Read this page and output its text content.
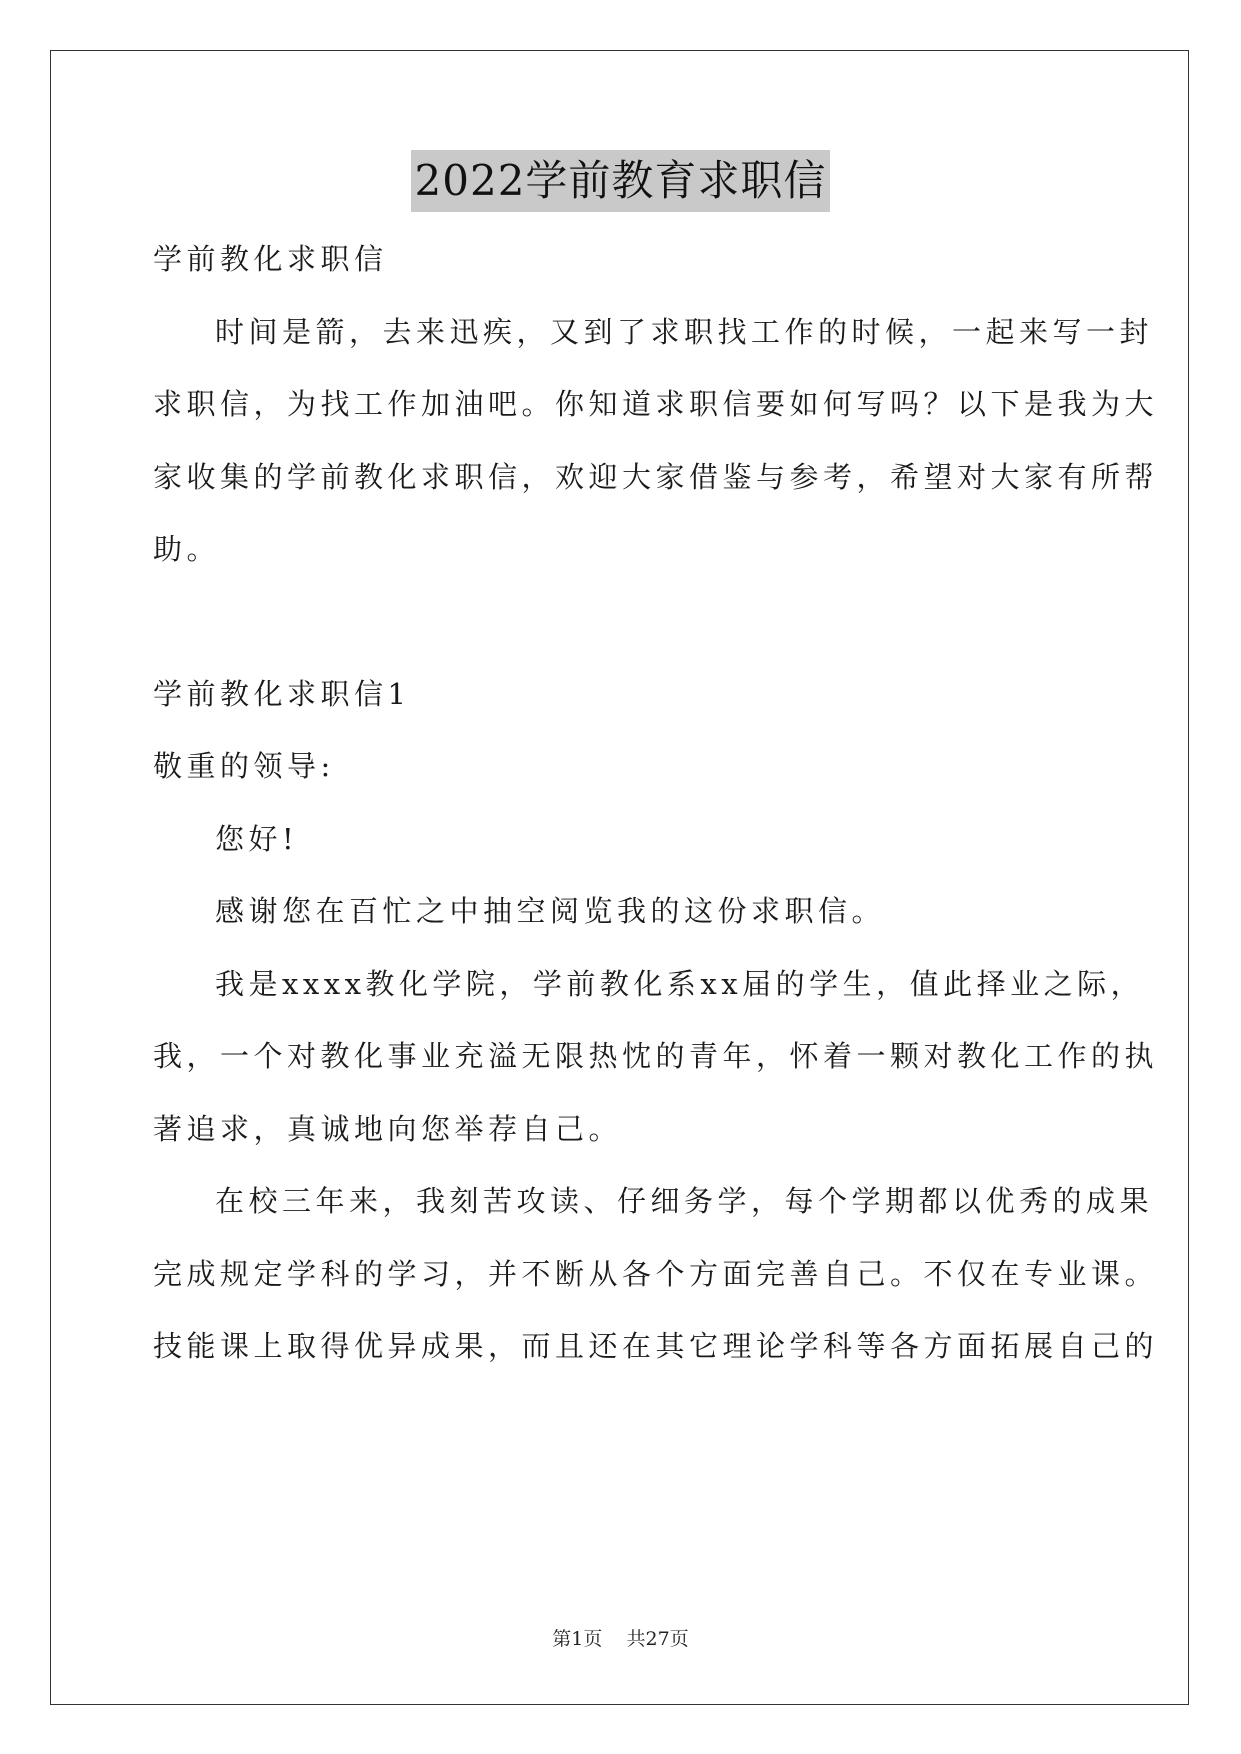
2022学前教育求职信
学前教化求职信
时间是箭，去来迅疾，又到了求职找工作的时候，一起来写一封
求职信，为找工作加油吧。你知道求职信要如何写吗？以下是我为大
家收集的学前教化求职信，欢迎大家借鉴与参考，希望对大家有所帮
助。
学前教化求职信1
敬重的领导:
您好!
感谢您在百忙之中抽空阅览我的这份求职信。
我是xxxx教化学院，学前教化系xx届的学生，值此择业之际，
我，一个对教化事业充溢无限热忱的青年，怀着一颗对教化工作的执
著追求，真诚地向您举荐自己。
在校三年来，我刻苦攻读、仔细务学，每个学期都以优秀的成果
完成规定学科的学习，并不断从各个方面完善自己。不仅在专业课。
技能课上取得优异成果，而且还在其它理论学科等各方面拓展自己的
第1页 共27页
